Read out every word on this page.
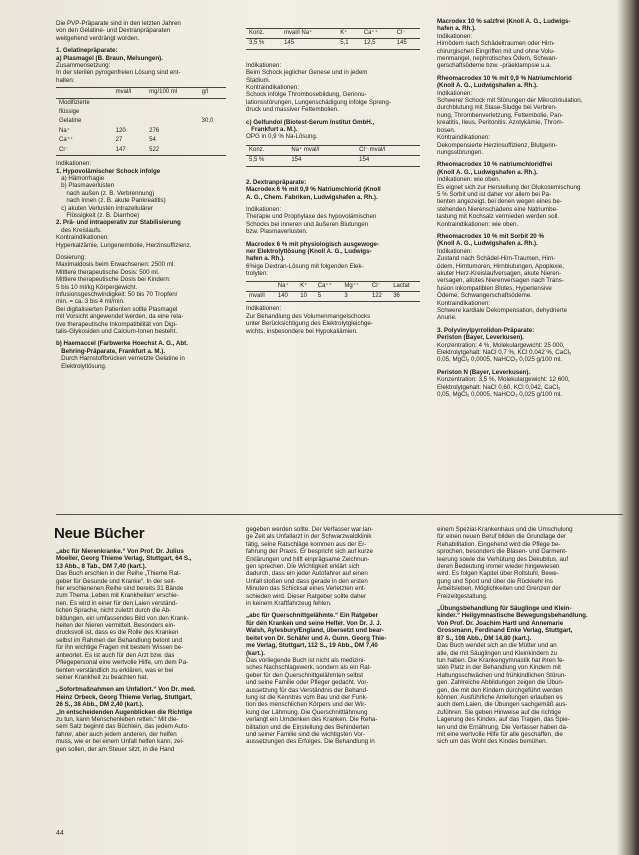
Die PVP-Präparate sind in den letzten Jahren
von den Gelatine- und Dextranpräparaten
weitgehend verdrängt worden.
1. Gelatinepräparate:
a) Plasmagel (B. Braun, Melsungen).
Zusammensetzung:
In der sterilen pyrogenfreien Lösung sind ent-
halten:
	mval/l	mg/100 ml	g/l
Modifizierte			
flüssige			
Gelatine			30,0
Na⁺	120	276	
Ca⁺⁺	27	54	
Cl⁻	147	522	
Indikationen:
1. Hypovolämischer Schock infolge
a) Hämorrhagie
b) Plasmaverlusten
nach außen (z. B. Verbrennung)
nach innen (z. B. akute Pankreatitis)
c) akuten Verlusten intrazellulärer
Flüssigkeit (z. B. Diarrhoe)
2. Prä- und intraoperativ zur Stabilisierung
des Kreislaufs.
Kontraindikationen:
Hyperkalzämie, Lungenembolie, Herzinsuffizienz.
Dosierung:
Maximaldosis beim Erwachsenen: 2500 ml.
Mittlere therapeutische Dosis: 500 ml.
Mittlere therapeutische Dosis bei Kindern:
5 bis 10 ml/kg Körpergewicht.
Infusionsgeschwindigkeit: 50 bis 70 Tropfen/
min. = ca. 3 bis 4 ml/min.
Bei digitalisierten Patienten sollte Plasmagel
mit Vorsicht angewendet werden, da eine rela-
tive therapeutische Inkompatibilität von Digi-
talis-Glykosiden und Calcium-Ionen besteht.
b) Haemaccel (Farbwerke Hoechst A. G., Abt.
Behring-Präparate, Frankfurt a. M.).
Durch Harnstoffbrücken vernetzte Gelatine in
Elektrolytlösung.
Konz.	mval/l Na⁺	K⁺	Ca⁺⁺	Cl⁻
3,5 %	145	5,1	12,5	145
Indikationen:
Beim Schock jeglicher Genese und in jedem
Stadium.
Kontraindikationen:
Schock infolge Thrombosebildung, Gerinnu-
lationsstörungen, Lungenschädigung infolge Spreng-
druck und massiver Fettembolien.
c) Gelfundol (Biotest-Serum Institut GmbH.,
Frankfurt a. M.).
OPG in 0,9 % Na-Lösung.
Konz.	Na⁺ mval/l	Cl⁻ mval/l
5,5 %	154	154
2. Dextranpräparate:
Macrodex 6 % mit 0,9 % Natriumchlorid (Knoll
A. G., Chem. Fabriken, Ludwigshafen a. Rh.).
Indikationen:
Therapie und Prophylaxe des hypovolämischen
Schocks bei inneren und äußeren Blutungen
bzw. Plasmaverlusten.
Macrodex 6 % mit physiologisch ausgewoge-
ner Elektrolytlösung (Knoll A. G., Ludwigs-
hafen a. Rh.).
6%ige Dextran-Lösung mit folgenden Elek-
trolyten:
	Na⁺	K⁺	Ca⁺⁺	Mg⁺⁺	Cl⁻	Lactat
mval/l	140	10	5	3	122	36
Indikationen:
Zur Behandlung des Volumenmangelschocks
unter Berücksichtigung des Elektrolytgleichge-
wichts, insbesondere bei Hypokaliämien.
Macrodex 10 % salzfrei (Knoll A. G., Ludwigs-
hafen a. Rh.).
Indikationen:
Hirnödem nach Schädeltraumen oder Hirn-
chirurgischen Eingriffen mit und ohne Volu-
menmangel, nephrotisches Ödem, Schwan-
gerschaftsödeme bzw. -präeklampsie u.a.
Rheomacrodex 10 % mit 0,9 % Natriumchlorid
(Knoll A. G., Ludwigshafen a. Rh.).
Indikationen:
Schwerer Schock mit Störungen der Mikrozirkulation,
durchblutung mit Stase-Sludge bei Verbren-
nung, Thrombenverletzung, Fettembolie, Pan-
kreatitis, Ileus, Peritonitis. Azotykämie, Throm-
bosen.
Kontraindikationen:
Dekompensierte Herzinsuffizienz, Blutgerin-
nungsstörungen.
Rheomacrodex 10 % natriumchloridfrei
(Knoll A. G., Ludwigshafen a. Rh.).
Indikationen: wie oben.
Es eignet sich zur Herstellung der Glukosemischung
5 % Sorbit und ist daher vor allem bei Pa-
tienten angezeigt, bei denen wegen eines be-
stehenden Nierenschadens eine Natriumbe-
lastung mit Kochsalz vermieden werden soll.
Kontraindikationen: wie oben.
Rheomacrodex 10 % mit Sorbit 20 %
(Knoll A. G., Ludwigshafen a. Rh.).
Indikationen:
Zustand nach Schädel-Hirn-Traumen, Hirn-
ödem, Hirntumoren, Hirnblutungen, Apoplexie,
akuter Herz-Kreislaufversagen, akute Nieren-
versagen, akutes Nierenversagen nach Trans-
fusion inkompatiblen Blutes, Hypertensive
Ödeme, Schwangerschaftsödeme.
Kontraindikationen:
Schwere kardiale Dekompensation, dehydrierte
Anurie.
3. Polyvinylpyrrolidon-Präparate:
Periston (Bayer, Leverkusen).
Konzentration: 4 %, Molekulargewicht: 25 000,
Elektrolytgehalt: NaCl 0,7 %, KCl 0,042 %, CaCl₂
0,05, MgCl₂ 0,0005, NaHCO₃ 0,025 g/100 ml.
Periston N (Bayer, Leverkusen).
Konzentration: 3,5 %, Molekulargewicht: 12 600,
Elektrolytgehalt: NaCl 0,60, KCl 0,042, CaCl₂
0,05, MgCl₂ 0,0005, NaHCO₃ 0,025 g/100 ml.
Neue Bücher
„abc für Nierenkranke.“ Von Prof. Dr. Julius
Moeller, Georg Thieme Verlag, Stuttgart, 64 S.,
13 Abb., 8 Tab., DM 7,40 (kart.).
Das Buch erschien in der Reihe „Thieme Rat-
geber für Gesunde und Kranke“. In der seit-
her erschienenen Reihe sind bereits 31 Bände
zum Thema ‚Leben mit Krankheiten‘ erschie-
nen. Es wird in einer für den Laien verständ-
lichen Sprache, nicht zuletzt durch die Ab-
bildungen, ein umfassendes Bild von den Krank-
heiten der Nieren vermittelt. Besonders ein-
drucksvoll ist, dass es die Rolle des Kranken
selbst im Rahmen der Behandlung betont und
für ihn wichtige Fragen mit bestem Wissen be-
antwortet. Es ist auch für den Arzt bzw. das
Pflegepersonal eine wertvolle Hilfe, um dem Pa-
tienten verständlich zu erklären, was er bei
seiner Krankheit zu beachten hat.
„Sofortmaßnahmen am Unfallort.“ Von Dr. med.
Heinz Orbeck, Georg Thieme Verlag, Stuttgart,
26 S., 38 Abb., DM 2,40 (kart.).
„In entscheidenden Augenblicken die Richtige
zu tun, kann Menschenleben retten.“ Mit die-
sem Satz beginnt das Büchlein, das jedem Auto-
fahrer, aber auch jedem anderen, der helfen
muss, wie er bei einem Unfall helfen kann, zei-
gen sollen, der am Steuer sitzt, in die Hand
gegeben werden sollte. Der Verfasser war lan-
ge Zeit als Unfallarzt in der Schwarzwaldklinik
tätig, seine Ratschläge kommen aus der Er-
fahrung der Praxis. Er bespricht sich auf kurze
Erklärungen und hilft einprägsame Zeichnun-
gen sprechen. Die Wichtigkeit erklärt sich
dadurch, dass ein jeder Autofahrer auf einen
Unfall stoßen und dass gerade in den ersten
Minuten das Schicksal eines Verletzten ent-
schieden wird. Dieser Ratgeber sollte daher
in keinem Kraftfahrzeug fehlen.
„abc für Querschnittgelähmte.“ Ein Ratgeber
für den Kranken und seine Helfer. Von Dr. J. J.
Walsh, Aylesbury/England, übersetzt und bear-
beitet von Dr. Schäfer und A. Gunn. Georg Thie-
me Verlag, Stuttgart, 112 S., 19 Abb., DM 7,40
(kart.).
Das vorliegende Buch ist nicht als medizini-
sches Nachschlagewerk, sondern als ein Rat-
geber für den Querschnittgelähmten selbst
und seine Familie oder Pfleger gedacht. Vor-
aussetzung für das Verständnis der Behand-
lung ist die Kenntnis vom Bau und der Funk-
tion des menschlichen Körpers und der Wir-
kung der Lähmung. Die Querschnittlähmung
verlangt ein Umdenken des Kranken. Die Reha-
bilitation und die Einstellung des Behinderten
und seiner Familie sind die wichtigsten Vor-
aussetzungen des Erfolges. Die Behandlung in
einem Spezial-Krankenhaus und die Umschulung
für einen neuen Beruf bilden die Grundlage der
Rehabilitation. Eingehend wird die Pflege be-
sprochen, besonders die Blasen- und Darment-
leerung sowie die Verhütung des Dekubitus, auf
deren Bedeutung immer wieder hingewiesen
wird. Es folgen Kapitel über Rollstuhl, Bewe-
gung und Sport und über die Rückkehr ins
Arbeitsleben. Möglichkeiten und Grenzen der
Freizeitgestaltung.
„Übungsbehandlung für Säuglinge und Klein-
kinder.“ Heilgymnastische Bewegungsbehandlung.
Von Prof. Dr. Joachim Hartl und Annemarie
Grossmann, Ferdinand Enke Verlag, Stuttgart,
87 S., 108 Abb., DM 14,80 (kart.).
Das Buch wendet sich an die Mütter und an
alle, die mit Säuglingen und Kleinkindern zu
tun haben. Die Krankengymnastik hat ihren fe-
sten Platz in der Behandlung von Kindern mit
Haltungsschwächen und frühkindlichen Störun-
gen. Zahlreiche Abbildungen zeigen die Übun-
gen, die mit den Kindern durchgeführt werden
können. Ausführliche Anleitungen erlauben es
auch dem Laien, die Übungen sachgemäß aus-
zuführen. Sie geben Hinweise auf die richtige
Lagerung des Kindes, auf das Tragen, das Spie-
len und die Ernährung. Die Verfasser haben da-
mit eine wertvolle Hilfe für alle geschaffen, die
sich um das Wohl des Kindes bemühen.
44
